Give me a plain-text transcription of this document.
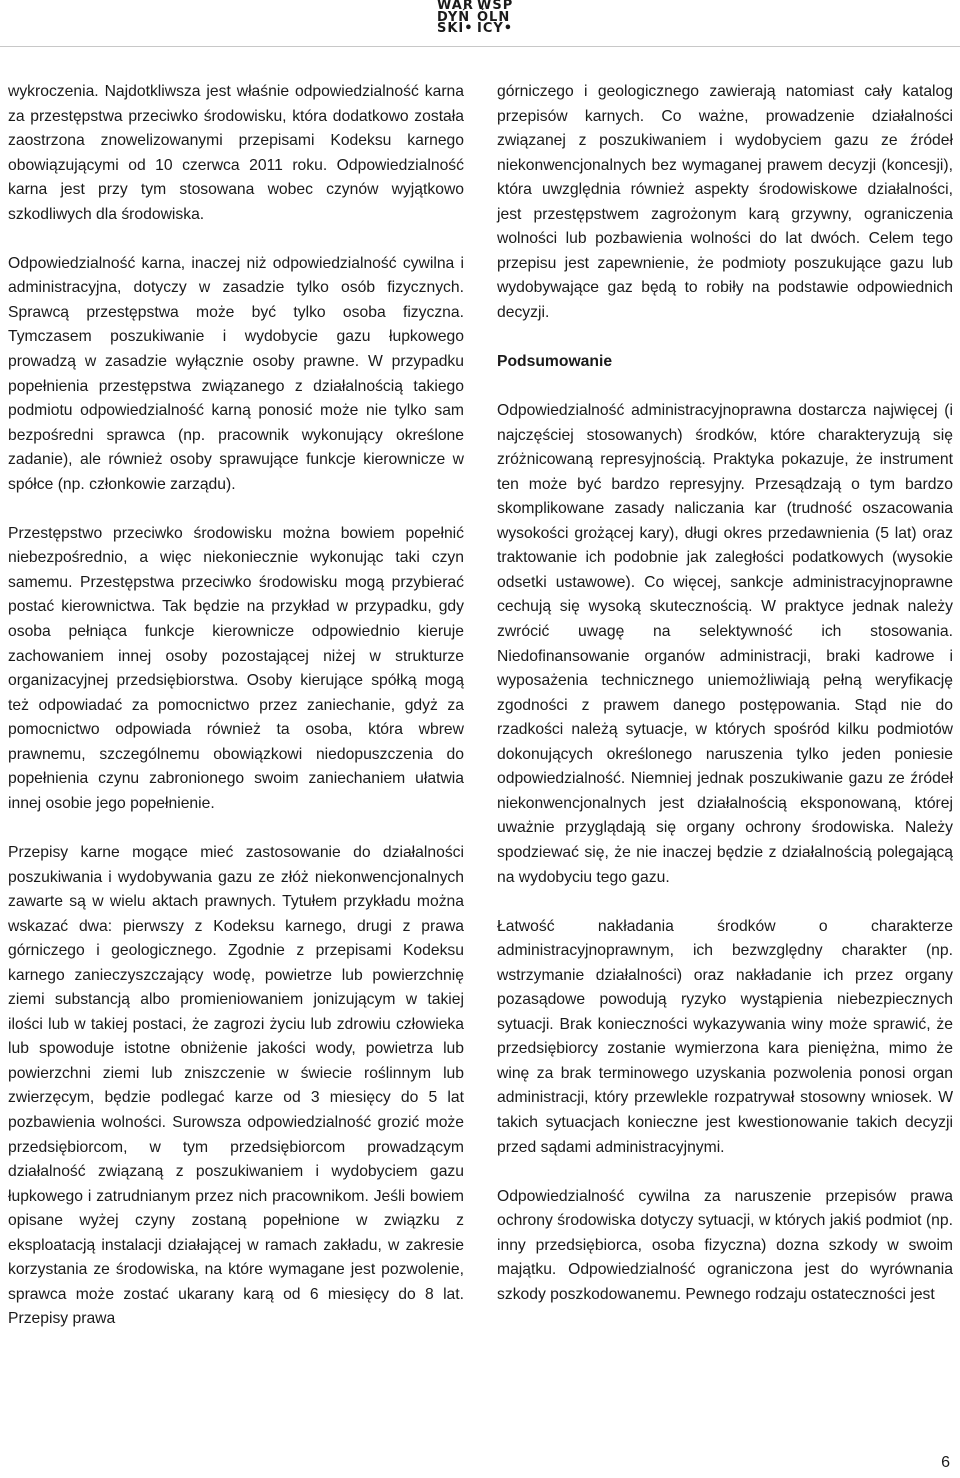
WAR WSP
DYŃ ÓLN
SKI• ICY•

wykroczenia. Najdotkliwsza jest właśnie odpowiedzialność karna za przestępstwa przeciwko środowisku, która dodatkowo została zaostrzona znowelizowanymi przepisami Kodeksu karnego obowiązującymi od 10 czerwca 2011 roku. Odpowiedzialność karna jest przy tym stosowana wobec czynów wyjątkowo szkodliwych dla środowiska.

Odpowiedzialność karna, inaczej niż odpowiedzialność cywilna i administracyjna, dotyczy w zasadzie tylko osób fizycznych. Sprawcą przestępstwa może być tylko osoba fizyczna. Tymczasem poszukiwanie i wydobycie gazu łupkowego prowadzą w zasadzie wyłącznie osoby prawne. W przypadku popełnienia przestępstwa związanego z działalnością takiego podmiotu odpowiedzialność karną ponosić może nie tylko sam bezpośredni sprawca (np. pracownik wykonujący określone zadanie), ale również osoby sprawujące funkcje kierownicze w spółce (np. członkowie zarządu).

Przestępstwo przeciwko środowisku można bowiem popełnić niebezpośrednio, a więc niekoniecznie wykonując taki czyn samemu. Przestępstwa przeciwko środowisku mogą przybierać postać kierownictwa. Tak będzie na przykład w przypadku, gdy osoba pełniąca funkcje kierownicze odpowiednio kieruje zachowaniem innej osoby pozostającej niżej w strukturze organizacyjnej przedsiębiorstwa. Osoby kierujące spółką mogą też odpowiadać za pomocnictwo przez zaniechanie, gdyż za pomocnictwo odpowiada również ta osoba, która wbrew prawnemu, szczególnemu obowiązkowi niedopuszczenia do popełnienia czynu zabronionego swoim zaniechaniem ułatwia innej osobie jego popełnienie.

Przepisy karne mogące mieć zastosowanie do działalności poszukiwania i wydobywania gazu ze złóż niekonwencjonalnych zawarte są w wielu aktach prawnych. Tytułem przykładu można wskazać dwa: pierwszy z Kodeksu karnego, drugi z prawa górniczego i geologicznego. Zgodnie z przepisami Kodeksu karnego zanieczyszczający wodę, powietrze lub powierzchnię ziemi substancją albo promieniowaniem jonizującym w takiej ilości lub w takiej postaci, że zagrozi życiu lub zdrowiu człowieka lub spowoduje istotne obniżenie jakości wody, powietrza lub powierzchni ziemi lub zniszczenie w świecie roślinnym lub zwierzęcym, będzie podlegać karze od 3 miesięcy do 5 lat pozbawienia wolności. Surowsza odpowiedzialność grozić może przedsiębiorcom, w tym przedsiębiorcom prowadzącym działalność związaną z poszukiwaniem i wydobyciem gazu łupkowego i zatrudnianym przez nich pracownikom. Jeśli bowiem opisane wyżej czyny zostaną popełnione w związku z eksploatacją instalacji działającej w ramach zakładu, w zakresie korzystania ze środowiska, na które wymagane jest pozwolenie, sprawca może zostać ukarany karą od 6 miesięcy do 8 lat. Przepisy prawa

górniczego i geologicznego zawierają natomiast cały katalog przepisów karnych. Co ważne, prowadzenie działalności związanej z poszukiwaniem i wydobyciem gazu ze źródeł niekonwencjonalnych bez wymaganej prawem decyzji (koncesji), która uwzględnia również aspekty środowiskowe działalności, jest przestępstwem zagrożonym karą grzywny, ograniczenia wolności lub pozbawienia wolności do lat dwóch. Celem tego przepisu jest zapewnienie, że podmioty poszukujące gazu lub wydobywające gaz będą to robiły na podstawie odpowiednich decyzji.

Podsumowanie

Odpowiedzialność administracyjnoprawna dostarcza najwięcej (i najczęściej stosowanych) środków, które charakteryzują się zróżnicowaną represyjnością. Praktyka pokazuje, że instrument ten może być bardzo represyjny. Przesądzają o tym bardzo skomplikowane zasady naliczania kar (trudność oszacowania wysokości grożącej kary), długi okres przedawnienia (5 lat) oraz traktowanie ich podobnie jak zaległości podatkowych (wysokie odsetki ustawowe). Co więcej, sankcje administracyjnoprawne cechują się wysoką skutecznością. W praktyce jednak należy zwrócić uwagę na selektywność ich stosowania. Niedofinansowanie organów administracji, braki kadrowe i wyposażenia technicznego uniemożliwiają pełną weryfikację zgodności z prawem danego postępowania. Stąd nie do rzadkości należą sytuacje, w których spośród kilku podmiotów dokonujących określonego naruszenia tylko jeden poniesie odpowiedzialność. Niemniej jednak poszukiwanie gazu ze źródeł niekonwencjonalnych jest działalnością eksponowaną, której uważnie przyglądają się organy ochrony środowiska. Należy spodziewać się, że nie inaczej będzie z działalnością polegającą na wydobyciu tego gazu.

Łatwość nakładania środków o charakterze administracyjnoprawnym, ich bezwzględny charakter (np. wstrzymanie działalności) oraz nakładanie ich przez organy pozasądowe powodują ryzyko wystąpienia niebezpiecznych sytuacji. Brak konieczności wykazywania winy może sprawić, że przedsiębiorcy zostanie wymierzona kara pieniężna, mimo że winę za brak terminowego uzyskania pozwolenia ponosi organ administracji, który przewlekle rozpatrywał stosowny wniosek. W takich sytuacjach konieczne jest kwestionowanie takich decyzji przed sądami administracyjnymi.

Odpowiedzialność cywilna za naruszenie przepisów prawa ochrony środowiska dotyczy sytuacji, w których jakiś podmiot (np. inny przedsiębiorca, osoba fizyczna) dozna szkody w swoim majątku. Odpowiedzialność ograniczona jest do wyrównania szkody poszkodowanemu. Pewnego rodzaju ostateczności jest

6
